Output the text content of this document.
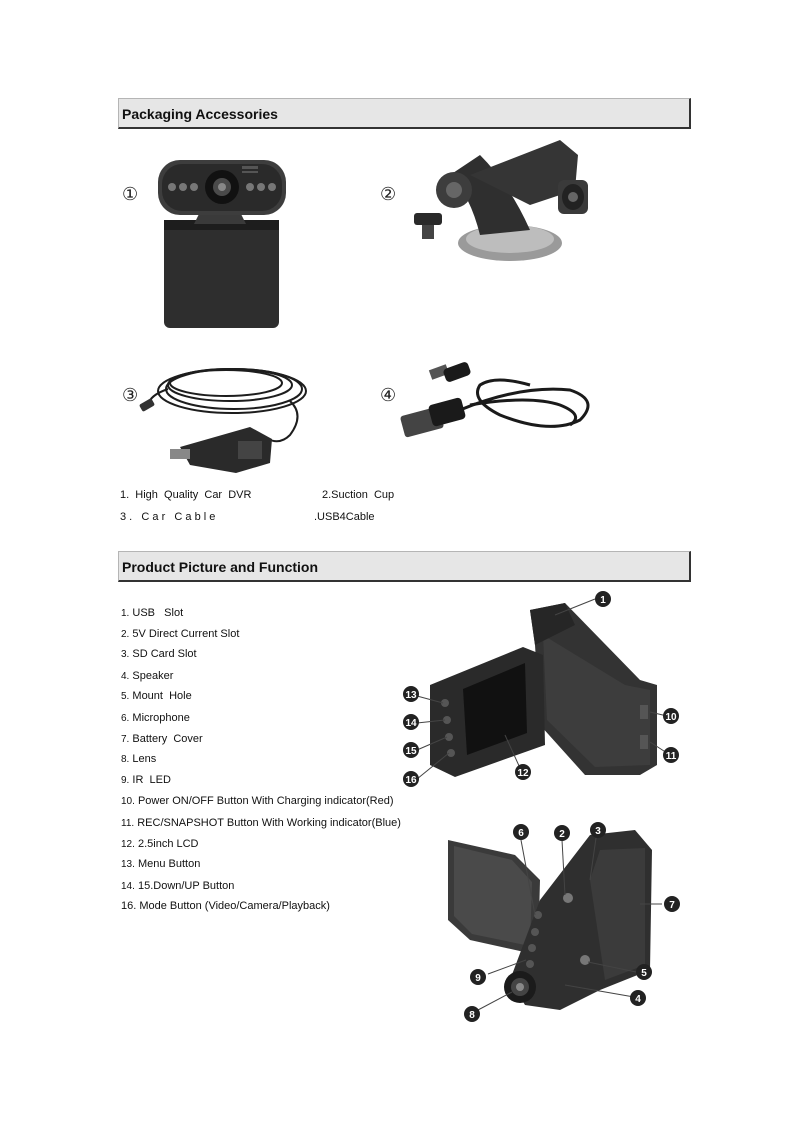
Packaging Accessories
①	②
③	④
1.  High  Quality  Car  DVR	2.Suction  Cup
3 .   C a r   C a b l e	.USB4Cable
Product Picture and Function
1. USB   Slot
2. 5V Direct Current Slot
3. SD Card Slot
4. Speaker
5. Mount  Hole
6. Microphone
7. Battery  Cover
8. Lens
9. IR  LED
10. Power ON/OFF Button With Charging indicator(Red)
11. REC/SNAPSHOT Button With Working indicator(Blue)
12. 2.5inch LCD
13. Menu Button
14. 15.Down/UP Button
16. Mode Button (Video/Camera/Playback)
1
10
11
12
13
14
15
16
2	3
4
5
6
7
8
9
